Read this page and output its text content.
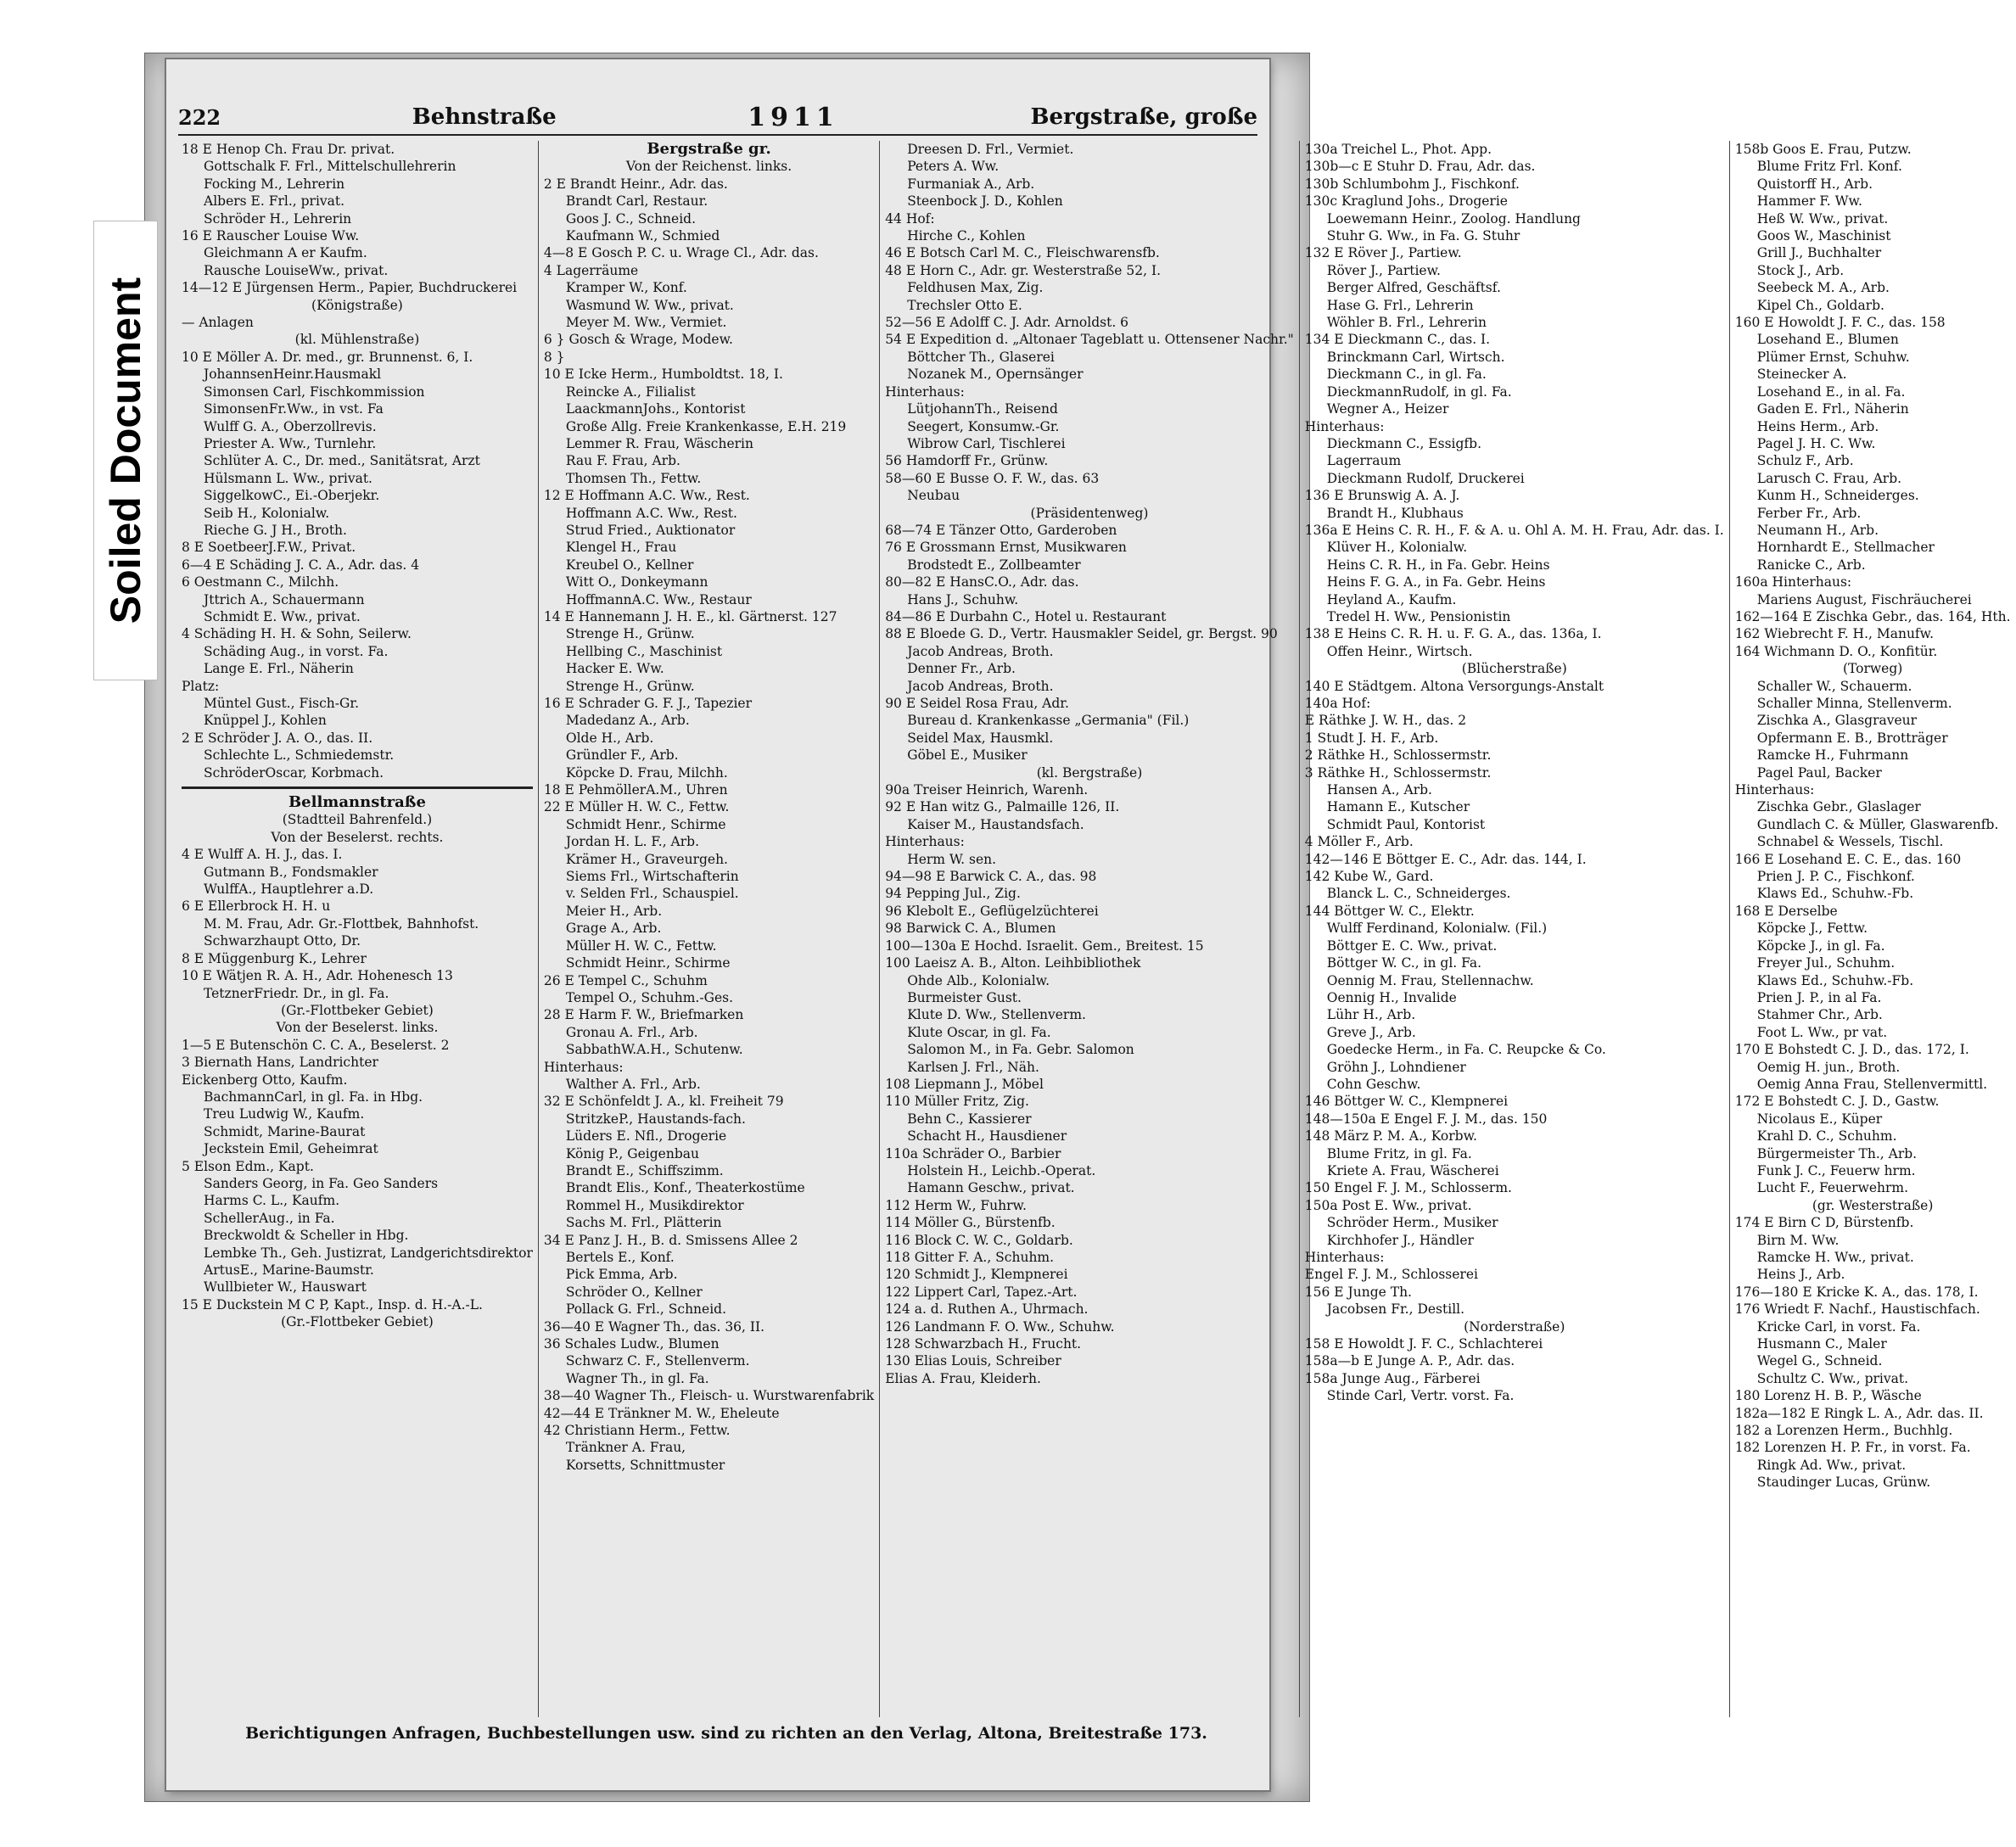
Soiled Document
222	Behnstraße	1911	Bergstraße, große
18 E Henop Ch. Frau Dr. privat.
Gottschalk F. Frl., Mittelschullehrerin
Focking M., Lehrerin
Albers E. Frl., privat.
Schröder H., Lehrerin
16 E Rauscher Louise Ww.
Gleichmann A er Kaufm.
Rausche LouiseWw., privat.
14—12 E Jürgensen Herm., Papier, Buchdruckerei
(Königstraße)
— Anlagen
(kl. Mühlenstraße)
10 E Möller A. Dr. med., gr. Brunnenst. 6, I.
JohannsenHeinr.Hausmakl
Simonsen Carl, Fischkommission
SimonsenFr.Ww., in vst. Fa
Wulff G. A., Oberzollrevis.
Priester A. Ww., Turnlehr.
Schlüter A. C., Dr. med., Sanitätsrat, Arzt
Hülsmann L. Ww., privat.
SiggelkowC., Ei.-Oberjekr.
Seib H., Kolonialw.
Rieche G. J H., Broth.
8 E SoetbeerJ.F.W., Privat.
6—4 E Schäding J. C. A., Adr. das. 4
6 Oestmann C., Milchh.
Jttrich A., Schauermann
Schmidt E. Ww., privat.
4 Schäding H. H. & Sohn, Seilerw.
Schäding Aug., in vorst. Fa.
Lange E. Frl., Näherin
Platz:
Müntel Gust., Fisch-Gr.
Knüppel J., Kohlen
2 E Schröder J. A. O., das. II.
Schlechte L., Schmiedemstr.
SchröderOscar, Korbmach.
Bellmannstraße
(Stadtteil Bahrenfeld.)
Von der Beselerst. rechts.
4 E Wulff A. H. J., das. I.
Gutmann B., Fondsmakler
WulffA., Hauptlehrer a.D.
6 E Ellerbrock H. H. u
M. M. Frau, Adr. Gr.-Flottbek, Bahnhofst.
Schwarzhaupt Otto, Dr.
8 E Müggenburg K., Lehrer
10 E Wätjen R. A. H., Adr. Hohenesch 13
TetznerFriedr. Dr., in gl. Fa.
(Gr.-Flottbeker Gebiet)
Von der Beselerst. links.
1—5 E Butenschön C. C. A., Beselerst. 2
3 Biernath Hans, Landrichter
Eickenberg Otto, Kaufm.
BachmannCarl, in gl. Fa. in Hbg.
Treu Ludwig W., Kaufm.
Schmidt, Marine-Baurat
Jeckstein Emil, Geheimrat
5 Elson Edm., Kapt.
Sanders Georg, in Fa. Geo Sanders
Harms C. L., Kaufm.
SchellerAug., in Fa.
Breckwoldt & Scheller in Hbg.
Lembke Th., Geh. Justizrat, Landgerichtsdirektor
ArtusE., Marine-Baumstr.
Wullbieter W., Hauswart
15 E Duckstein M C P, Kapt., Insp. d. H.-A.-L.
(Gr.-Flottbeker Gebiet)
Bergstraße gr.
Von der Reichenst. links.
2 E Brandt Heinr., Adr. das.
Brandt Carl, Restaur.
Goos J. C., Schneid.
Kaufmann W., Schmied
4—8 E Gosch P. C. u. Wrage Cl., Adr. das.
4 Lagerräume
Kramper W., Konf.
Wasmund W. Ww., privat.
Meyer M. Ww., Vermiet.
6 } Gosch & Wrage, Modew.
8 }
10 E Icke Herm., Humboldtst. 18, I.
Reincke A., Filialist
LaackmannJohs., Kontorist
Große Allg. Freie Krankenkasse, E.H. 219
Lemmer R. Frau, Wäscherin
Rau F. Frau, Arb.
Thomsen Th., Fettw.
12 E Hoffmann A.C. Ww., Rest.
Hoffmann A.C. Ww., Rest.
Strud Fried., Auktionator
Klengel H., Frau
Kreubel O., Kellner
Witt O., Donkeymann
HoffmannA.C. Ww., Restaur
14 E Hannemann J. H. E., kl. Gärtnerst. 127
Strenge H., Grünw.
Hellbing C., Maschinist
Hacker E. Ww.
Strenge H., Grünw.
16 E Schrader G. F. J., Tapezier
Madedanz A., Arb.
Olde H., Arb.
Gründler F., Arb.
Köpcke D. Frau, Milchh.
18 E PehmöllerA.M., Uhren
22 E Müller H. W. C., Fettw.
Schmidt Henr., Schirme
Jordan H. L. F., Arb.
Krämer H., Graveurgeh.
Siems Frl., Wirtschafterin
v. Selden Frl., Schauspiel.
Meier H., Arb.
Grage A., Arb.
Müller H. W. C., Fettw.
Schmidt Heinr., Schirme
26 E Tempel C., Schuhm
Tempel O., Schuhm.-Ges.
28 E Harm F. W., Briefmarken
Gronau A. Frl., Arb.
SabbathW.A.H., Schutenw.
Hinterhaus:
Walther A. Frl., Arb.
32 E Schönfeldt J. A., kl. Freiheit 79
StritzkeP., Haustands-fach.
Lüders E. Nfl., Drogerie
König P., Geigenbau
Brandt E., Schiffszimm.
Brandt Elis., Konf., Theaterkostüme
Rommel H., Musikdirektor
Sachs M. Frl., Plätterin
34 E Panz J. H., B. d. Smissens Allee 2
Bertels E., Konf.
Pick Emma, Arb.
Schröder O., Kellner
Pollack G. Frl., Schneid.
36—40 E Wagner Th., das. 36, II.
36 Schales Ludw., Blumen
Schwarz C. F., Stellenverm.
Wagner Th., in gl. Fa.
38—40 Wagner Th., Fleisch- u. Wurstwarenfabrik
42—44 E Tränkner M. W., Eheleute
42 Christiann Herm., Fettw.
Tränkner A. Frau,
Korsetts, Schnittmuster
Dreesen D. Frl., Vermiet.
Peters A. Ww.
Furmaniak A., Arb.
Steenbock J. D., Kohlen
44 Hof:
Hirche C., Kohlen
46 E Botsch Carl M. C., Fleischwarensfb.
48 E Horn C., Adr. gr. Westerstraße 52, I.
Feldhusen Max, Zig.
Trechsler Otto E.
52—56 E Adolff C. J. Adr. Arnoldst. 6
54 E Expedition d. „Altonaer Tageblatt u. Ottensener Nachr."
Böttcher Th., Glaserei
Nozanek M., Opernsänger
Hinterhaus:
LütjohannTh., Reisend
Seegert, Konsumw.-Gr.
Wibrow Carl, Tischlerei
56 Hamdorff Fr., Grünw.
58—60 E Busse O. F. W., das. 63
Neubau
(Präsidentenweg)
68—74 E Tänzer Otto, Garderoben
76 E Grossmann Ernst, Musikwaren
Brodstedt E., Zollbeamter
80—82 E HansC.O., Adr. das.
Hans J., Schuhw.
84—86 E Durbahn C., Hotel u. Restaurant
88 E Bloede G. D., Vertr. Hausmakler Seidel, gr. Bergst. 90
Jacob Andreas, Broth.
Denner Fr., Arb.
Jacob Andreas, Broth.
90 E Seidel Rosa Frau, Adr.
Bureau d. Krankenkasse „Germania" (Fil.)
Seidel Max, Hausmkl.
Göbel E., Musiker
(kl. Bergstraße)
90a Treiser Heinrich, Warenh.
92 E Han witz G., Palmaille 126, II.
Kaiser M., Haustandsfach.
Hinterhaus:
Herm W. sen.
94—98 E Barwick C. A., das. 98
94 Pepping Jul., Zig.
96 Klebolt E., Geflügelzüchterei
98 Barwick C. A., Blumen
100—130a E Hochd. Israelit. Gem., Breitest. 15
100 Laeisz A. B., Alton. Leihbibliothek
Ohde Alb., Kolonialw.
Burmeister Gust.
Klute D. Ww., Stellenverm.
Klute Oscar, in gl. Fa.
Salomon M., in Fa. Gebr. Salomon
Karlsen J. Frl., Näh.
108 Liepmann J., Möbel
110 Müller Fritz, Zig.
Behn C., Kassierer
Schacht H., Hausdiener
110a Schräder O., Barbier
Holstein H., Leichb.-Operat.
Hamann Geschw., privat.
112 Herm W., Fuhrw.
114 Möller G., Bürstenfb.
116 Block C. W. C., Goldarb.
118 Gitter F. A., Schuhm.
120 Schmidt J., Klempnerei
122 Lippert Carl, Tapez.-Art.
124 a. d. Ruthen A., Uhrmach.
126 Landmann F. O. Ww., Schuhw.
128 Schwarzbach H., Frucht.
130 Elias Louis, Schreiber
Elias A. Frau, Kleiderh.
130a Treichel L., Phot. App.
130b—c E Stuhr D. Frau, Adr. das.
130b Schlumbohm J., Fischkonf.
130c Kraglund Johs., Drogerie
Loewemann Heinr., Zoolog. Handlung
Stuhr G. Ww., in Fa. G. Stuhr
132 E Röver J., Partiew.
Röver J., Partiew.
Berger Alfred, Geschäftsf.
Hase G. Frl., Lehrerin
Wöhler B. Frl., Lehrerin
134 E Dieckmann C., das. I.
Brinckmann Carl, Wirtsch.
Dieckmann C., in gl. Fa.
DieckmannRudolf, in gl. Fa.
Wegner A., Heizer
Hinterhaus:
Dieckmann C., Essigfb.
Lagerraum
Dieckmann Rudolf, Druckerei
136 E Brunswig A. A. J.
Brandt H., Klubhaus
136a E Heins C. R. H., F. & A. u. Ohl A. M. H. Frau, Adr. das. I.
Klüver H., Kolonialw.
Heins C. R. H., in Fa. Gebr. Heins
Heins F. G. A., in Fa. Gebr. Heins
Heyland A., Kaufm.
Tredel H. Ww., Pensionistin
138 E Heins C. R. H. u. F. G. A., das. 136a, I.
Offen Heinr., Wirtsch.
(Blücherstraße)
140 E Städtgem. Altona Versorgungs-Anstalt
140a Hof:
E Räthke J. W. H., das. 2
1 Studt J. H. F., Arb.
2 Räthke H., Schlossermstr.
3 Räthke H., Schlossermstr.
Hansen A., Arb.
Hamann E., Kutscher
Schmidt Paul, Kontorist
4 Möller F., Arb.
142—146 E Böttger E. C., Adr. das. 144, I.
142 Kube W., Gard.
Blanck L. C., Schneiderges.
144 Böttger W. C., Elektr.
Wulff Ferdinand, Kolonialw. (Fil.)
Böttger E. C. Ww., privat.
Böttger W. C., in gl. Fa.
Oennig M. Frau, Stellennachw.
Oennig H., Invalide
Lühr H., Arb.
Greve J., Arb.
Goedecke Herm., in Fa. C. Reupcke & Co.
Gröhn J., Lohndiener
Cohn Geschw.
146 Böttger W. C., Klempnerei
148—150a E Engel F. J. M., das. 150
148 März P. M. A., Korbw.
Blume Fritz, in gl. Fa.
Kriete A. Frau, Wäscherei
150 Engel F. J. M., Schlosserm.
150a Post E. Ww., privat.
Schröder Herm., Musiker
Kirchhofer J., Händler
Hinterhaus:
Engel F. J. M., Schlosserei
156 E Junge Th.
Jacobsen Fr., Destill.
(Norderstraße)
158 E Howoldt J. F. C., Schlachterei
158a—b E Junge A. P., Adr. das.
158a Junge Aug., Färberei
Stinde Carl, Vertr. vorst. Fa.
158b Goos E. Frau, Putzw.
Blume Fritz Frl. Konf.
Quistorff H., Arb.
Hammer F. Ww.
Heß W. Ww., privat.
Goos W., Maschinist
Grill J., Buchhalter
Stock J., Arb.
Seebeck M. A., Arb.
Kipel Ch., Goldarb.
160 E Howoldt J. F. C., das. 158
Losehand E., Blumen
Plümer Ernst, Schuhw.
Steinecker A.
Losehand E., in al. Fa.
Gaden E. Frl., Näherin
Heins Herm., Arb.
Pagel J. H. C. Ww.
Schulz F., Arb.
Larusch C. Frau, Arb.
Kunm H., Schneiderges.
Ferber Fr., Arb.
Neumann H., Arb.
Hornhardt E., Stellmacher
Ranicke C., Arb.
160a Hinterhaus:
Mariens August, Fischräucherei
162—164 E Zischka Gebr., das. 164, Hth.
162 Wiebrecht F. H., Manufw.
164 Wichmann D. O., Konfitür.
(Torweg)
Schaller W., Schauerm.
Schaller Minna, Stellenverm.
Zischka A., Glasgraveur
Opfermann E. B., Brotträger
Ramcke H., Fuhrmann
Pagel Paul, Backer
Hinterhaus:
Zischka Gebr., Glaslager
Gundlach C. & Müller, Glaswarenfb.
Schnabel & Wessels, Tischl.
166 E Losehand E. C. E., das. 160
Prien J. P. C., Fischkonf.
Klaws Ed., Schuhw.-Fb.
168 E Derselbe
Köpcke J., Fettw.
Köpcke J., in gl. Fa.
Freyer Jul., Schuhm.
Klaws Ed., Schuhw.-Fb.
Prien J. P., in al Fa.
Stahmer Chr., Arb.
Foot L. Ww., pr vat.
170 E Bohstedt C. J. D., das. 172, I.
Oemig H. jun., Broth.
Oemig Anna Frau, Stellenvermittl.
172 E Bohstedt C. J. D., Gastw.
Nicolaus E., Küper
Krahl D. C., Schuhm.
Bürgermeister Th., Arb.
Funk J. C., Feuerw hrm.
Lucht F., Feuerwehrm.
(gr. Westerstraße)
174 E Birn C D, Bürstenfb.
Birn M. Ww.
Ramcke H. Ww., privat.
Heins J., Arb.
176—180 E Kricke K. A., das. 178, I.
176 Wriedt F. Nachf., Haustischfach.
Kricke Carl, in vorst. Fa.
Husmann C., Maler
Wegel G., Schneid.
Schultz C. Ww., privat.
180 Lorenz H. B. P., Wäsche
182a—182 E Ringk L. A., Adr. das. II.
182 a Lorenzen Herm., Buchhlg.
182 Lorenzen H. P. Fr., in vorst. Fa.
Ringk Ad. Ww., privat.
Staudinger Lucas, Grünw.
Berichtigungen Anfragen, Buchbestellungen usw. sind zu richten an den Verlag, Altona, Breitestraße 173.
